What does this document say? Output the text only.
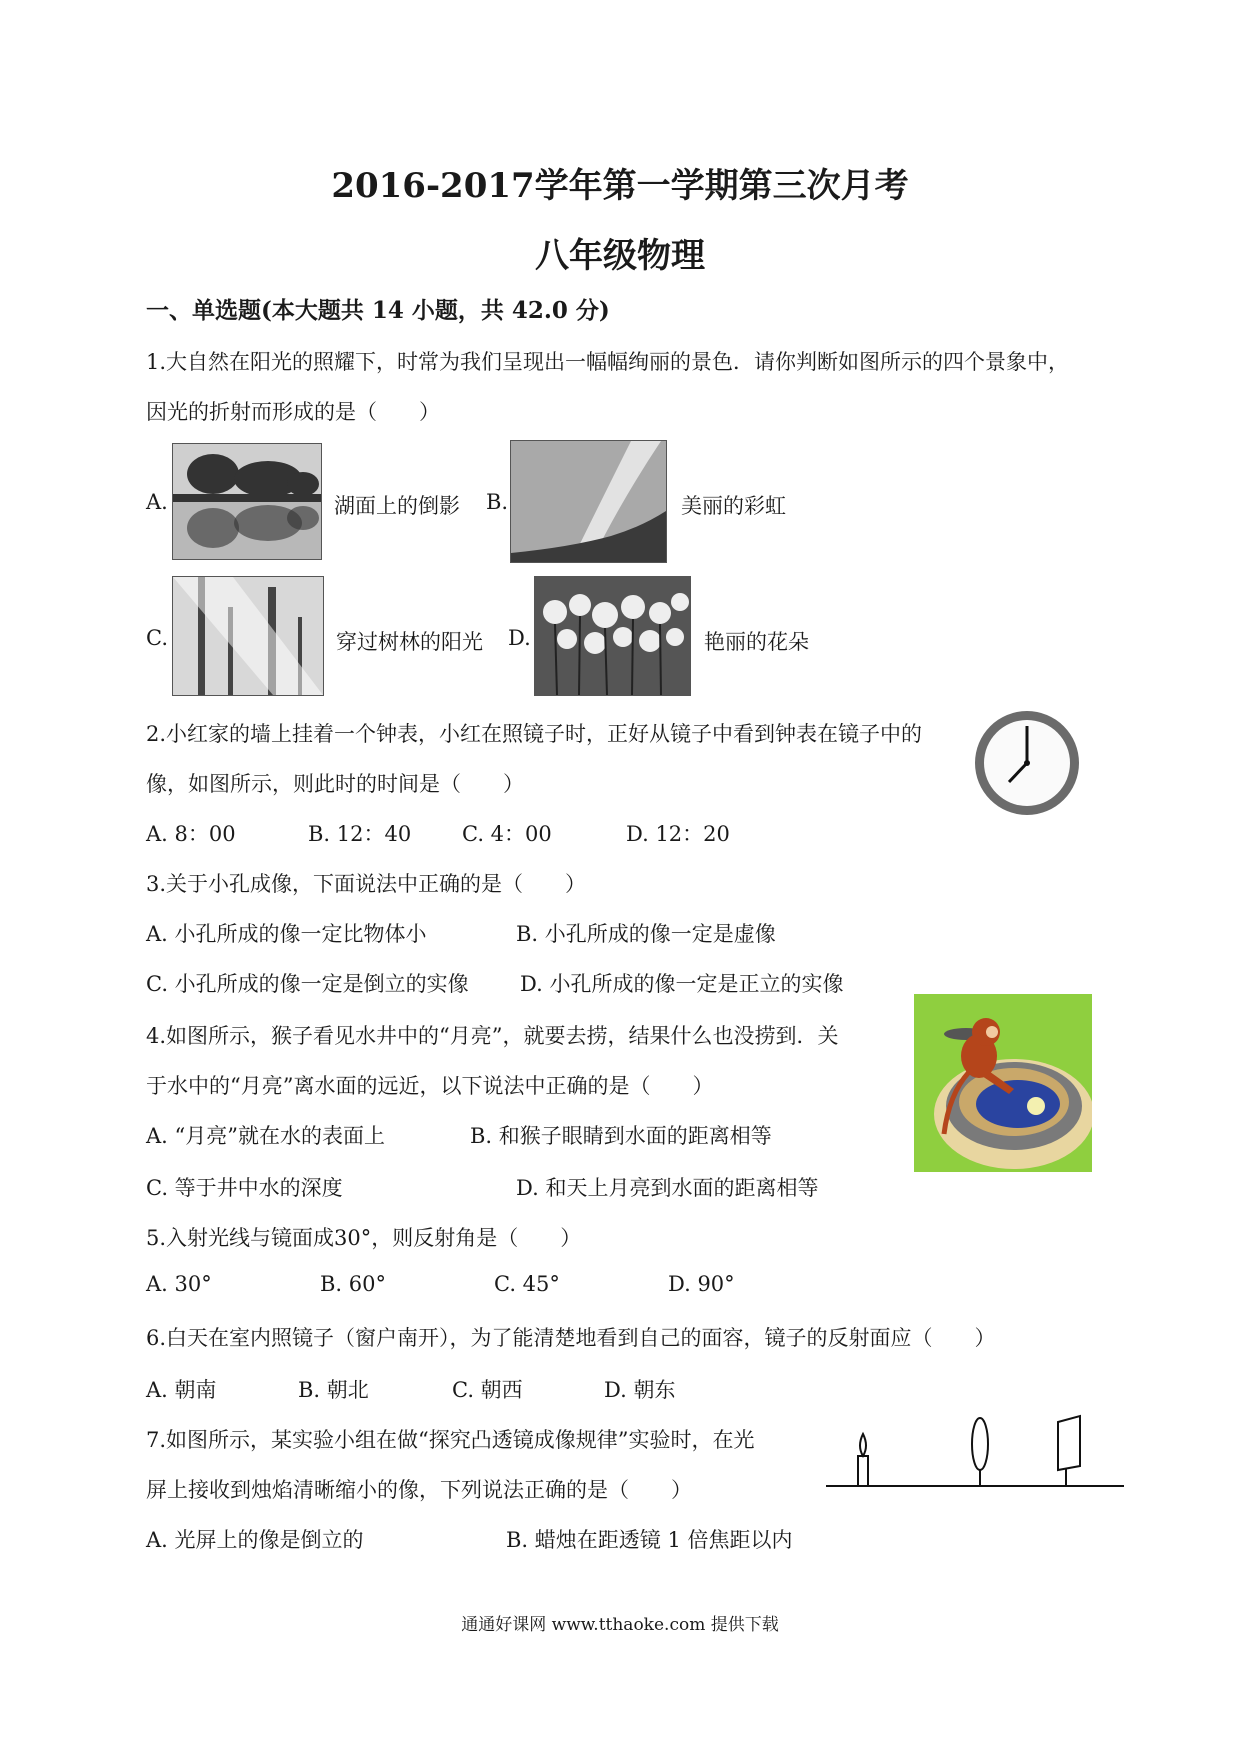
2016-2017学年第一学期第三次月考
八年级物理
一、单选题(本大题共 14 小题，共 42.0 分)
1.大自然在阳光的照耀下，时常为我们呈现出一幅幅绚丽的景色．请你判断如图所示的四个景象中，
因光的折射而形成的是（　　）
A.	湖面上的倒影 B.	美丽的彩虹
C.	穿过树林的阳光 D.	艳丽的花朵
2.小红家的墙上挂着一个钟表，小红在照镜子时，正好从镜子中看到钟表在镜子中的
像，如图所示，则此时的时间是（　　）
A. 8：00	B. 12：40 C. 4：00	D. 12：20
3.关于小孔成像，下面说法中正确的是（　　）
A. 小孔所成的像一定比物体小	B. 小孔所成的像一定是虚像
C. 小孔所成的像一定是倒立的实像 D. 小孔所成的像一定是正立的实像
4.如图所示，猴子看见水井中的“月亮”，就要去捞，结果什么也没捞到．关
于水中的“月亮”离水面的远近，以下说法中正确的是（　　）
A. “月亮”就在水的表面上	B. 和猴子眼睛到水面的距离相等
C. 等于井中水的深度	D. 和天上月亮到水面的距离相等
5.入射光线与镜面成30°，则反射角是（　　）
A. 30°	B. 60°	C. 45°	D. 90°
6.白天在室内照镜子（窗户南开），为了能清楚地看到自己的面容，镜子的反射面应（　　）
A. 朝南	B. 朝北	C. 朝西	D. 朝东
7.如图所示，某实验小组在做“探究凸透镜成像规律”实验时，在光
屏上接收到烛焰清晰缩小的像，下列说法正确的是（　　）
A. 光屏上的像是倒立的	B. 蜡烛在距透镜 1 倍焦距以内
通通好课网 www.tthaoke.com 提供下载
